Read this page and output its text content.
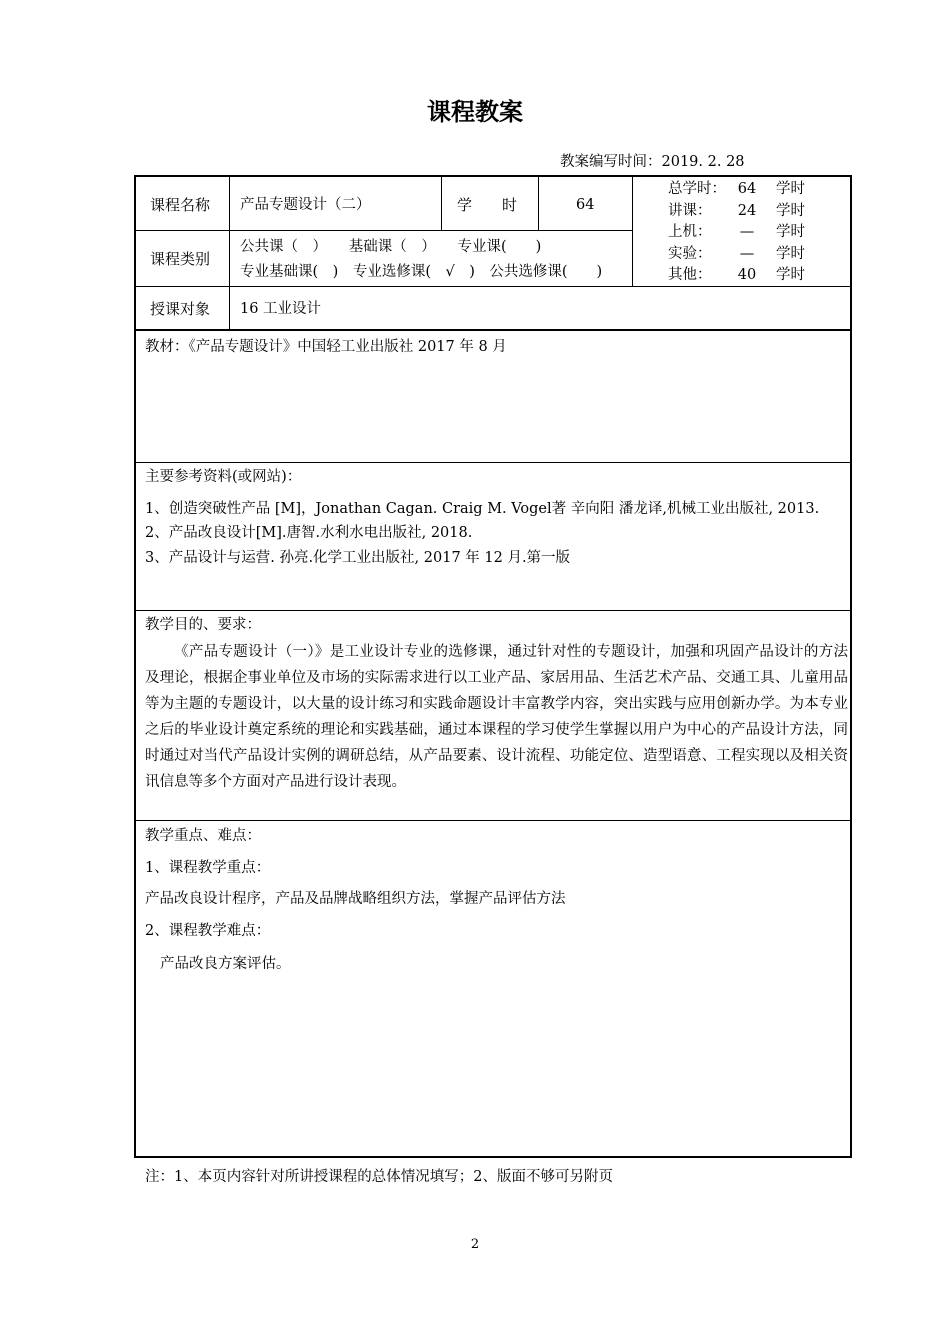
课程教案
教案编写时间：2019. 2. 28
课程名称 产品专题设计（二）	学　　时	64
总学时： 64	学时
讲课：	24	学时
上机：	—	学时
实验：	—	学时
其他：	40	学时
课程类别
公共课（　）　　基础课（　）　　专业课(　　)
专业基础课(　)　专业选修课(　√　)　公共选修课(　　)
授课对象 16 工业设计
教材：《产品专题设计》中国轻工业出版社 2017 年 8 月
主要参考资料(或网站)：
1、创造突破性产品 [M]，Jonathan Cagan. Craig M. Vogel著 辛向阳 潘龙译,机械工业出版社, 2013.
2、产品改良设计[M].唐智.水利水电出版社, 2018.
3、产品设计与运营. 孙亮.化学工业出版社, 2017 年 12 月.第一版
教学目的、要求：
《产品专题设计（一）》是工业设计专业的选修课，通过针对性的专题设计，加强和巩固产品设计的方法及理论，根据企事业单位及市场的实际需求进行以工业产品、家居用品、生活艺术产品、交通工具、儿童用品等为主题的专题设计，以大量的设计练习和实践命题设计丰富教学内容，突出实践与应用创新办学。为本专业之后的毕业设计奠定系统的理论和实践基础，通过本课程的学习使学生掌握以用户为中心的产品设计方法，同时通过对当代产品设计实例的调研总结，从产品要素、设计流程、功能定位、造型语意、工程实现以及相关资讯信息等多个方面对产品进行设计表现。
教学重点、难点：
1、课程教学重点：
产品改良设计程序，产品及品牌战略组织方法，掌握产品评估方法
2、课程教学难点：
产品改良方案评估。
注：1、本页内容针对所讲授课程的总体情况填写；2、版面不够可另附页
2
